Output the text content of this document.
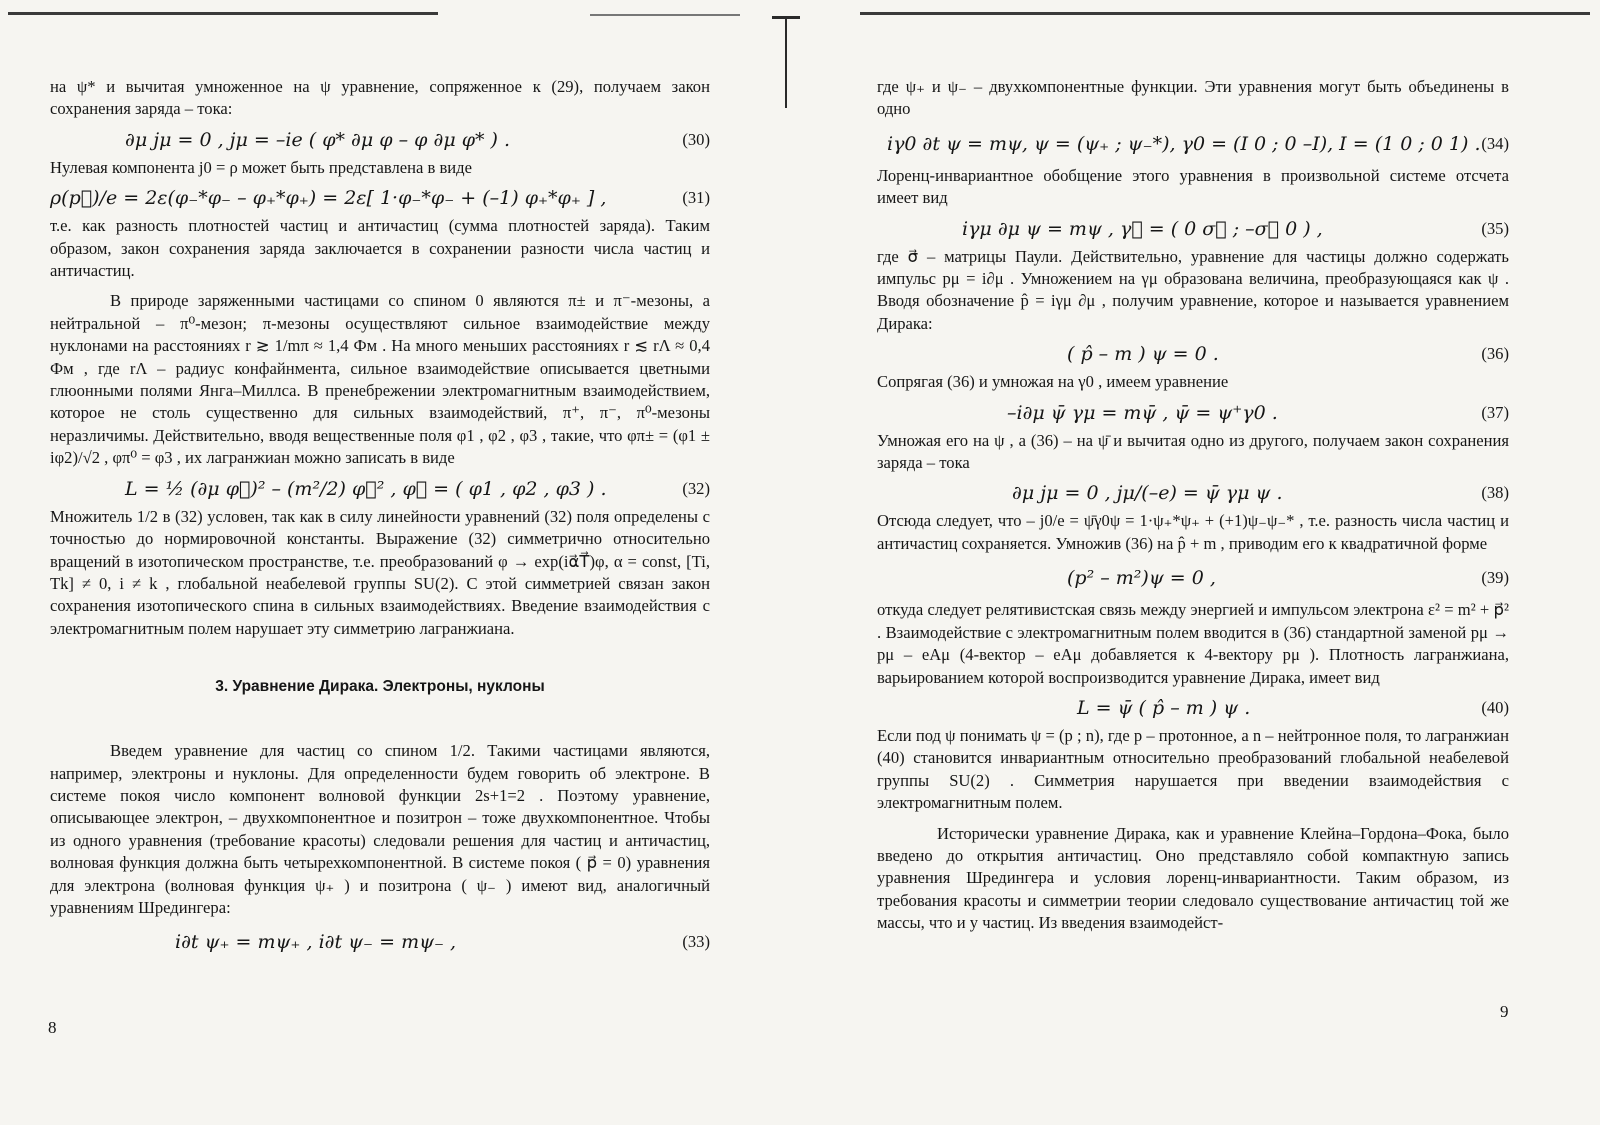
на ψ* и вычитая умноженное на ψ уравнение, сопряженное к (29), получаем закон сохранения заряда – тока:

∂μ jμ = 0 , jμ = –ie ( φ* ∂μ φ – φ ∂μ φ* ) .	(30)

Нулевая компонента j0 = ρ может быть представлена в виде

ρ(p⃗)/e = 2ε(φ₋*φ₋ – φ₊*φ₊) = 2ε[ 1·φ₋*φ₋ + (–1) φ₊*φ₊ ] ,	(31)

т.е. как разность плотностей частиц и античастиц (сумма плотностей заряда). Таким образом, закон сохранения заряда заключается в сохранении разности числа частиц и античастиц.

В природе заряженными частицами со спином 0 являются π± и π⁻-мезоны, а нейтральной – π⁰-мезон; π-мезоны осуществляют сильное взаимодействие между нуклонами на расстояниях r ≳ 1/mπ ≈ 1,4 Фм . На много меньших расстояниях r ≲ rΛ ≈ 0,4 Фм , где rΛ – радиус конфайнмента, сильное взаимодействие описывается цветными глюонными полями Янга–Миллса. В пренебрежении электромагнитным взаимодействием, которое не столь существенно для сильных взаимодействий, π⁺, π⁻, π⁰-мезоны неразличимы. Действительно, вводя вещественные поля φ1 , φ2 , φ3 , такие, что φπ± = (φ1 ± iφ2)/√2 , φπ⁰ = φ3 , их лагранжиан можно записать в виде

L = ½ (∂μ φ⃗)² – (m²/2) φ⃗² , φ⃗ = ( φ1 , φ2 , φ3 ) .	(32)

Множитель 1/2 в (32) условен, так как в силу линейности уравнений (32) поля определены с точностью до нормировочной константы. Выражение (32) симметрично относительно вращений в изотопическом пространстве, т.е. преобразований φ → exp(iα⃗T⃗)φ, α = const, [Ti, Tk] ≠ 0, i ≠ k , глобальной неабелевой группы SU(2). С этой симметрией связан закон сохранения изотопического спина в сильных взаимодействиях. Введение взаимодействия с электромагнитным полем нарушает эту симметрию лагранжиана.

3. Уравнение Дирака. Электроны, нуклоны

Введем уравнение для частиц со спином 1/2. Такими частицами являются, например, электроны и нуклоны. Для определенности будем говорить об электроне. В системе покоя число компонент волновой функции 2s+1=2 . Поэтому уравнение, описывающее электрон, – двухкомпонентное и позитрон – тоже двухкомпонентное. Чтобы из одного уравнения (требование красоты) следовали решения для частиц и античастиц, волновая функция должна быть четырехкомпонентной. В системе покоя ( p⃗ = 0) уравнения для электрона (волновая функция ψ₊ ) и позитрона ( ψ₋ ) имеют вид, аналогичный уравнениям Шредингера:

i∂t ψ₊ = mψ₊ , i∂t ψ₋ = mψ₋ ,	(33)
8

где ψ₊ и ψ₋ – двухкомпонентные функции. Эти уравнения могут быть объединены в одно

iγ0 ∂t ψ = mψ, ψ = (ψ₊ ; ψ₋*), γ0 = (I 0 ; 0 –I), I = (1 0 ; 0 1) . (34)

Лоренц-инвариантное обобщение этого уравнения в произвольной системе отсчета имеет вид

iγμ ∂μ ψ = mψ , γ⃗ = ( 0 σ⃗ ; –σ⃗ 0 ) ,	(35)

где σ⃗ – матрицы Паули. Действительно, уравнение для частицы должно содержать импульс pμ = i∂μ . Умножением на γμ образована величина, преобразующаяся как ψ . Вводя обозначение p̂ = iγμ ∂μ , получим уравнение, которое и называется уравнением Дирака:

( p̂ – m ) ψ = 0 .	(36)

Сопрягая (36) и умножая на γ0 , имеем уравнение

–i∂μ ψ̄ γμ = mψ̄ , ψ̄ = ψ⁺γ0 .	(37)

Умножая его на ψ , а (36) – на ψ̄ и вычитая одно из другого, получаем закон сохранения заряда – тока

∂μ jμ = 0 , jμ/(–e) = ψ̄ γμ ψ .	(38)

Отсюда следует, что – j0/e = ψ̄γ0ψ = 1·ψ₊*ψ₊ + (+1)ψ₋ψ₋* , т.е. разность числа частиц и античастиц сохраняется. Умножив (36) на p̂ + m , приводим его к квадратичной форме

(p² – m²)ψ = 0 ,	(39)

откуда следует релятивистская связь между энергией и импульсом электрона ε² = m² + p⃗² . Взаимодействие с электромагнитным полем вводится в (36) стандартной заменой pμ → pμ – eAμ (4-вектор – eAμ добавляется к 4-вектору pμ ). Плотность лагранжиана, варьированием которой воспроизводится уравнение Дирака, имеет вид

L = ψ̄ ( p̂ – m ) ψ .	(40)

Если под ψ понимать ψ = (p ; n), где p – протонное, а n – нейтронное поля, то лагранжиан (40) становится инвариантным относительно преобразований глобальной неабелевой группы SU(2) . Симметрия нарушается при введении взаимодействия с электромагнитным полем.

Исторически уравнение Дирака, как и уравнение Клейна–Гордона–Фока, было введено до открытия античастиц. Оно представляло собой компактную запись уравнения Шредингера и условия лоренц-инвариантности. Таким образом, из требования красоты и симметрии теории следовало существование античастиц той же массы, что и у частиц. Из введения взаимодейст-

9
